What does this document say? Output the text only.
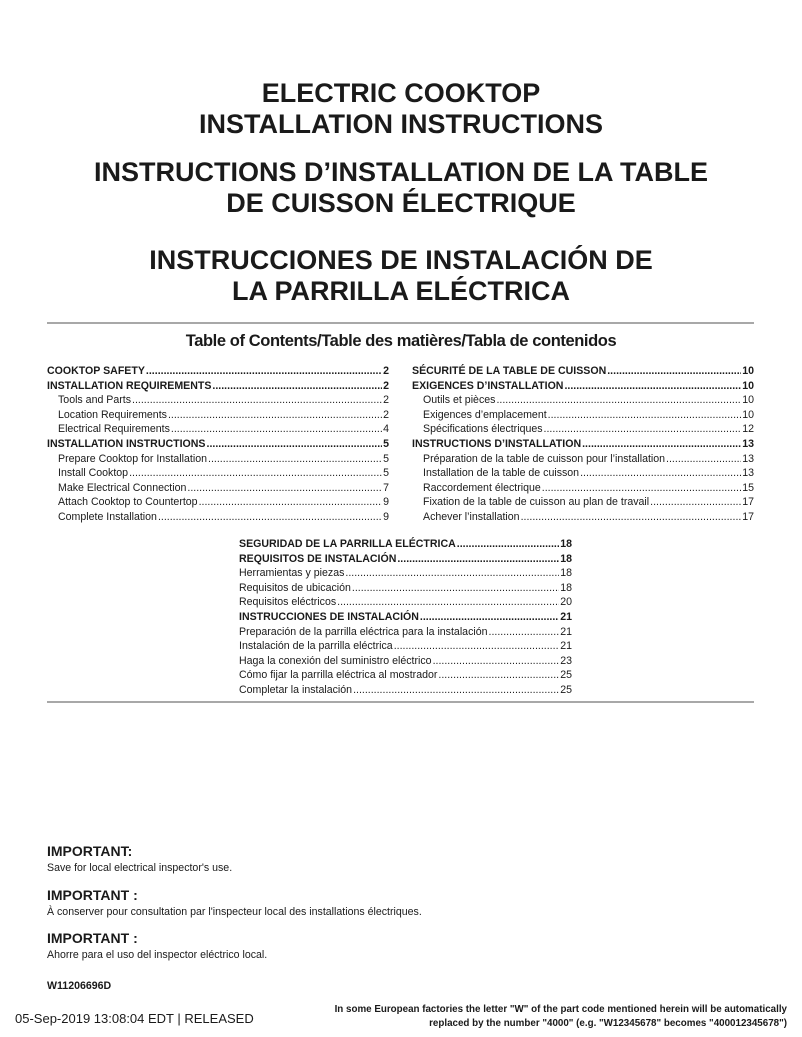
ELECTRIC COOKTOP
INSTALLATION INSTRUCTIONS
INSTRUCTIONS D’INSTALLATION DE LA TABLE
DE CUISSON ÉLECTRIQUE
INSTRUCCIONES DE INSTALACIÓN DE
LA PARRILLA ELÉCTRICA
Table of Contents/Table des matières/Tabla de contenidos
COOKTOP SAFETY .....	2
INSTALLATION REQUIREMENTS .....	2
Tools and Parts .....	2
Location Requirements .....	2
Electrical Requirements .....	4
INSTALLATION INSTRUCTIONS .....	5
Prepare Cooktop for Installation .....	5
Install Cooktop .....	5
Make Electrical Connection .....	7
Attach Cooktop to Countertop .....	9
Complete Installation .....	9
SÉCURITÉ DE LA TABLE DE CUISSON .....	10
EXIGENCES D’INSTALLATION .....	10
Outils et pièces .....	10
Exigences d’emplacement .....	10
Spécifications électriques .....	12
INSTRUCTIONS D’INSTALLATION .....	13
Préparation de la table de cuisson pour l’installation .....	13
Installation de la table de cuisson .....	13
Raccordement électrique .....	15
Fixation de la table de cuisson au plan de travail .....	17
Achever l’installation .....	17
SEGURIDAD DE LA PARRILLA ELÉCTRICA .....	18
REQUISITOS DE INSTALACIÓN .....	18
Herramientas y piezas .....	18
Requisitos de ubicación .....	18
Requisitos eléctricos .....	20
INSTRUCCIONES DE INSTALACIÓN .....	21
Preparación de la parrilla eléctrica para la instalación .....	21
Instalación de la parrilla eléctrica .....	21
Haga la conexión del suministro eléctrico .....	23
Cómo fijar la parrilla eléctrica al mostrador .....	25
Completar la instalación .....	25
IMPORTANT:
Save for local electrical inspector's use.
IMPORTANT :
À conserver pour consultation par l'inspecteur local des installations électriques.
IMPORTANT :
Ahorre para el uso del inspector eléctrico local.
W11206696D
05-Sep-2019 13:08:04 EDT | RELEASED
In some European factories the letter "W" of the part code mentioned herein will be automatically
replaced by the number "4000" (e.g. "W12345678" becomes "400012345678")
